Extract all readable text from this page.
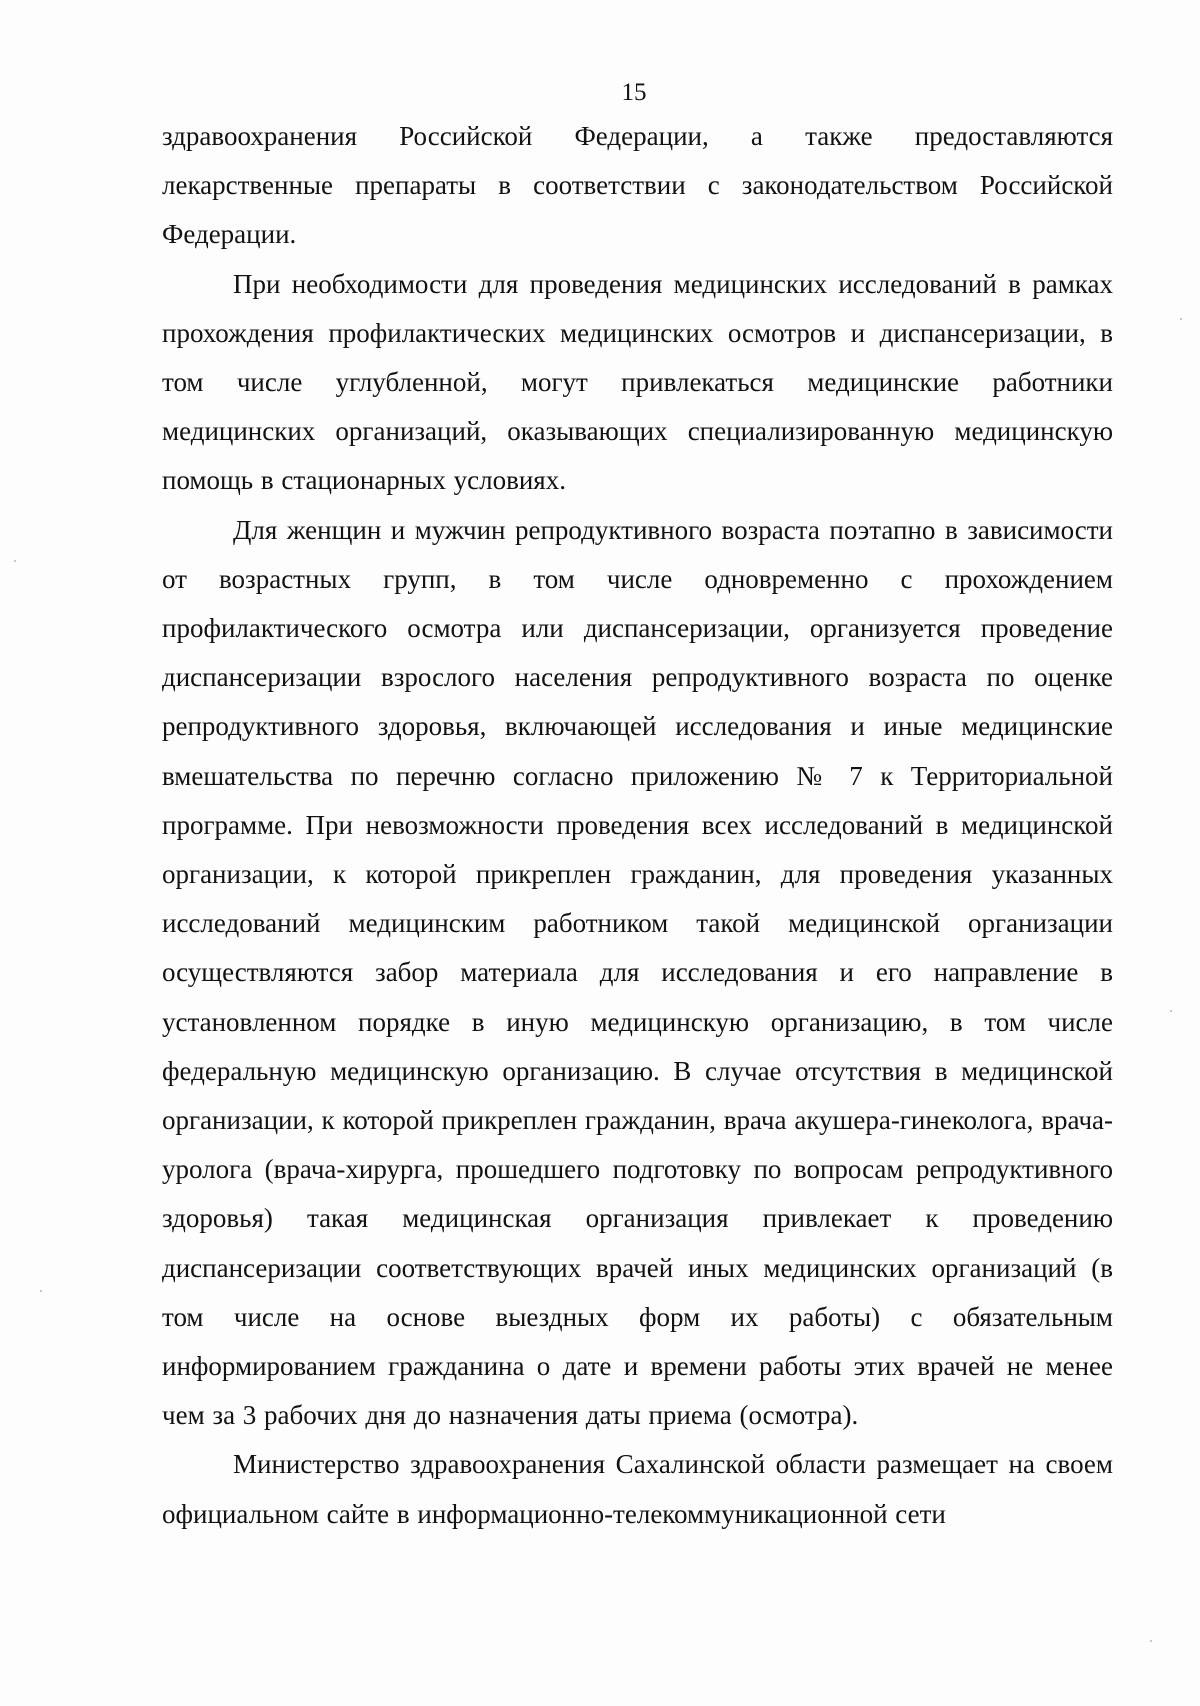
15

здравоохранения Российской Федерации, а также предоставляются лекарственные препараты в соответствии с законодательством Российской Федерации.

При необходимости для проведения медицинских исследований в рамках прохождения профилактических медицинских осмотров и диспансеризации, в том числе углубленной, могут привлекаться медицинские работники медицинских организаций, оказывающих специализированную медицинскую помощь в стационарных условиях.

Для женщин и мужчин репродуктивного возраста поэтапно в зависимости от возрастных групп, в том числе одновременно с прохождением профилактического осмотра или диспансеризации, организуется проведение диспансеризации взрослого населения репродуктивного возраста по оценке репродуктивного здоровья, включающей исследования и иные медицинские вмешательства по перечню согласно приложению № 7 к Территориальной программе. При невозможности проведения всех исследований в медицинской организации, к которой прикреплен гражданин, для проведения указанных исследований медицинским работником такой медицинской организации осуществляются забор материала для исследования и его направление в установленном порядке в иную медицинскую организацию, в том числе федеральную медицинскую организацию. В случае отсутствия в медицинской организации, к которой прикреплен гражданин, врача акушера-гинеколога, врача-уролога (врача-хирурга, прошедшего подготовку по вопросам репродуктивного здоровья) такая медицинская организация привлекает к проведению диспансеризации соответствующих врачей иных медицинских организаций (в том числе на основе выездных форм их работы) с обязательным информированием гражданина о дате и времени работы этих врачей не менее чем за 3 рабочих дня до назначения даты приема (осмотра).

Министерство здравоохранения Сахалинской области размещает на своем официальном сайте в информационно-телекоммуникационной сети
